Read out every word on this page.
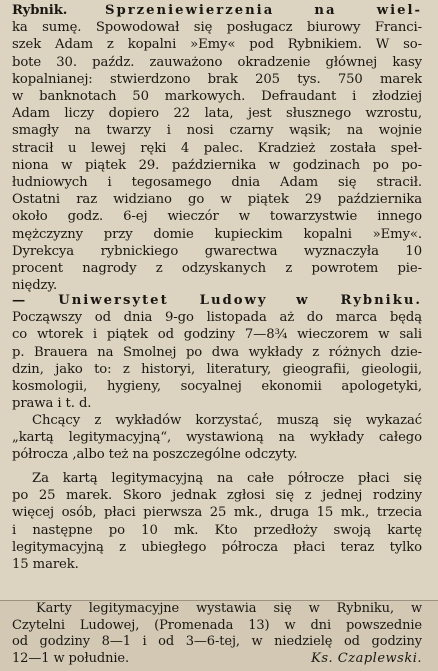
Rybnik.	Sprzeniewierzenia na wiel-
ka sumę. Spowodował się posługacz biurowy Franci-
szek Adam z kopalni »Emy« pod Rybnikiem. W so-
bote 30. paźdz. zauważono okradzenie głównej kasy
kopalnianej: stwierdzono brak 205 tys. 750 marek
w banknotach 50 markowych. Defraudant i złodziej
Adam liczy dopiero 22 lata, jest słusznego wzrostu,
smagły na twarzy i nosi czarny wąsik; na wojnie
stracił u lewej ręki 4 palec. Kradzież została speł-
niona w piątek 29. października w godzinach po po-
łudniowych i tegosamego dnia Adam się stracił.
Ostatni raz widziano go w piątek 29 października
około godz. 6-ej wieczór w towarzystwie innego
mężczyzny przy domie kupieckim kopalni »Emy«.
Dyrekcya rybnickiego gwarectwa wyznaczyła 10
procent nagrody z odzyskanych z powrotem pie-
niędzy.
— Uniwersytet Ludowy w Rybniku.
Począwszy od dnia 9-go listopada aż do marca będą
co wtorek i piątek od godziny 7—8¾ wieczorem w sali
p. Brauera na Smolnej po dwa wykłady z różnych dzie-
dzin, jako to: z historyi, literatury, gieografii, gieologii,
kosmologii, hygieny, socyalnej ekonomii apologetyki,
prawa i t. d.
Chcący z wykładów korzystać, muszą się wykazać
„kartą legitymacyjną“, wystawioną na wykłady całego
półrocza ,albo też na poszczególne odczyty.
Za kartą legitymacyjną na całe półrocze płaci się
po 25 marek. Skoro jednak zgłosi się z jednej rodziny
więcej osób, płaci pierwsza 25 mk., druga 15 mk., trzecia
i następne po 10 mk. Kto przedłoży swoją kartę
legitymacyjną z ubiegłego półrocza płaci teraz tylko
15 marek.
Karty legitymacyjne wystawia się w Rybniku, w
Czytelni Ludowej, (Promenada 13) w dni powszednie
od godziny 8—1 i od 3—6-tej, w niedzielę od godziny
12—1 w południe.	Ks. Czaplewski.
